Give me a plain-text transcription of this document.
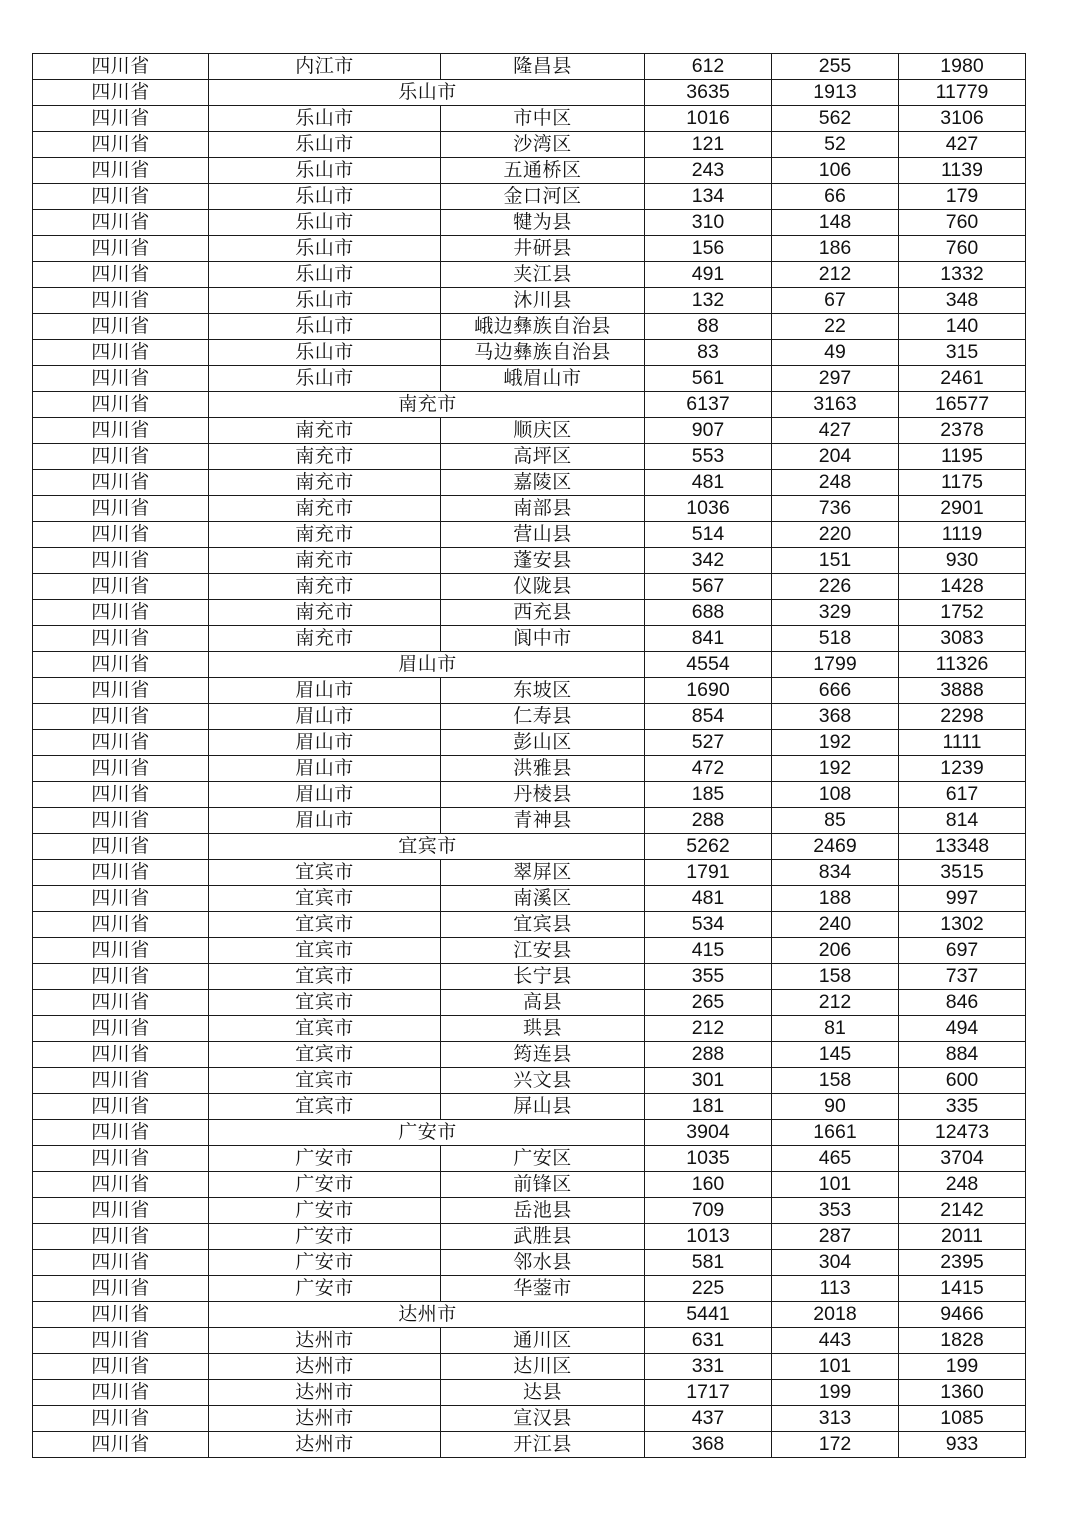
四川省	内江市	隆昌县	612	255	1980
四川省	乐山市		3635	1913	11779
四川省	乐山市	市中区	1016	562	3106
四川省	乐山市	沙湾区	121	52	427
四川省	乐山市	五通桥区	243	106	1139
四川省	乐山市	金口河区	134	66	179
四川省	乐山市	犍为县	310	148	760
四川省	乐山市	井研县	156	186	760
四川省	乐山市	夹江县	491	212	1332
四川省	乐山市	沐川县	132	67	348
四川省	乐山市	峨边彝族自治县	88	22	140
四川省	乐山市	马边彝族自治县	83	49	315
四川省	乐山市	峨眉山市	561	297	2461
四川省	南充市		6137	3163	16577
四川省	南充市	顺庆区	907	427	2378
四川省	南充市	高坪区	553	204	1195
四川省	南充市	嘉陵区	481	248	1175
四川省	南充市	南部县	1036	736	2901
四川省	南充市	营山县	514	220	1119
四川省	南充市	蓬安县	342	151	930
四川省	南充市	仪陇县	567	226	1428
四川省	南充市	西充县	688	329	1752
四川省	南充市	阆中市	841	518	3083
四川省	眉山市		4554	1799	11326
四川省	眉山市	东坡区	1690	666	3888
四川省	眉山市	仁寿县	854	368	2298
四川省	眉山市	彭山区	527	192	1111
四川省	眉山市	洪雅县	472	192	1239
四川省	眉山市	丹棱县	185	108	617
四川省	眉山市	青神县	288	85	814
四川省	宜宾市		5262	2469	13348
四川省	宜宾市	翠屏区	1791	834	3515
四川省	宜宾市	南溪区	481	188	997
四川省	宜宾市	宜宾县	534	240	1302
四川省	宜宾市	江安县	415	206	697
四川省	宜宾市	长宁县	355	158	737
四川省	宜宾市	高县	265	212	846
四川省	宜宾市	珙县	212	81	494
四川省	宜宾市	筠连县	288	145	884
四川省	宜宾市	兴文县	301	158	600
四川省	宜宾市	屏山县	181	90	335
四川省	广安市		3904	1661	12473
四川省	广安市	广安区	1035	465	3704
四川省	广安市	前锋区	160	101	248
四川省	广安市	岳池县	709	353	2142
四川省	广安市	武胜县	1013	287	2011
四川省	广安市	邻水县	581	304	2395
四川省	广安市	华蓥市	225	113	1415
四川省	达州市		5441	2018	9466
四川省	达州市	通川区	631	443	1828
四川省	达州市	达川区	331	101	199
四川省	达州市	达县	1717	199	1360
四川省	达州市	宣汉县	437	313	1085
四川省	达州市	开江县	368	172	933
